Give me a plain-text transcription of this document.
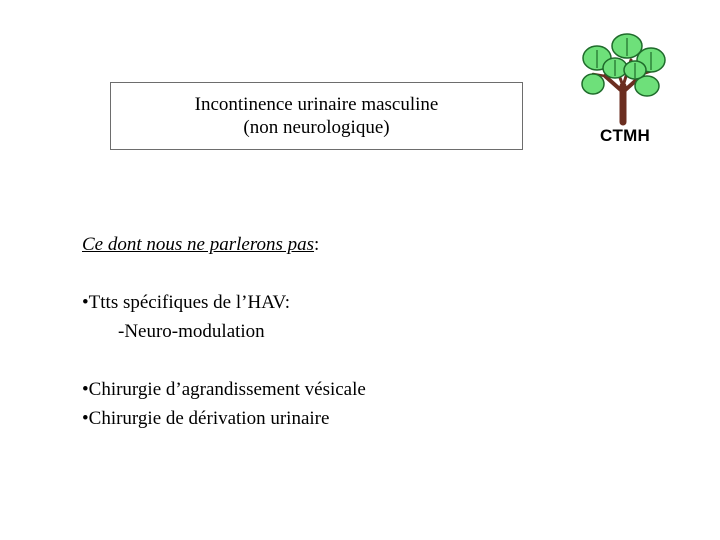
Incontinence urinaire masculine
(non neurologique)	CTMH
Ce dont nous ne parlerons pas:
•Ttts spécifiques de l’HAV:
-Neuro-modulation
•Chirurgie d’agrandissement vésicale
•Chirurgie de dérivation urinaire
